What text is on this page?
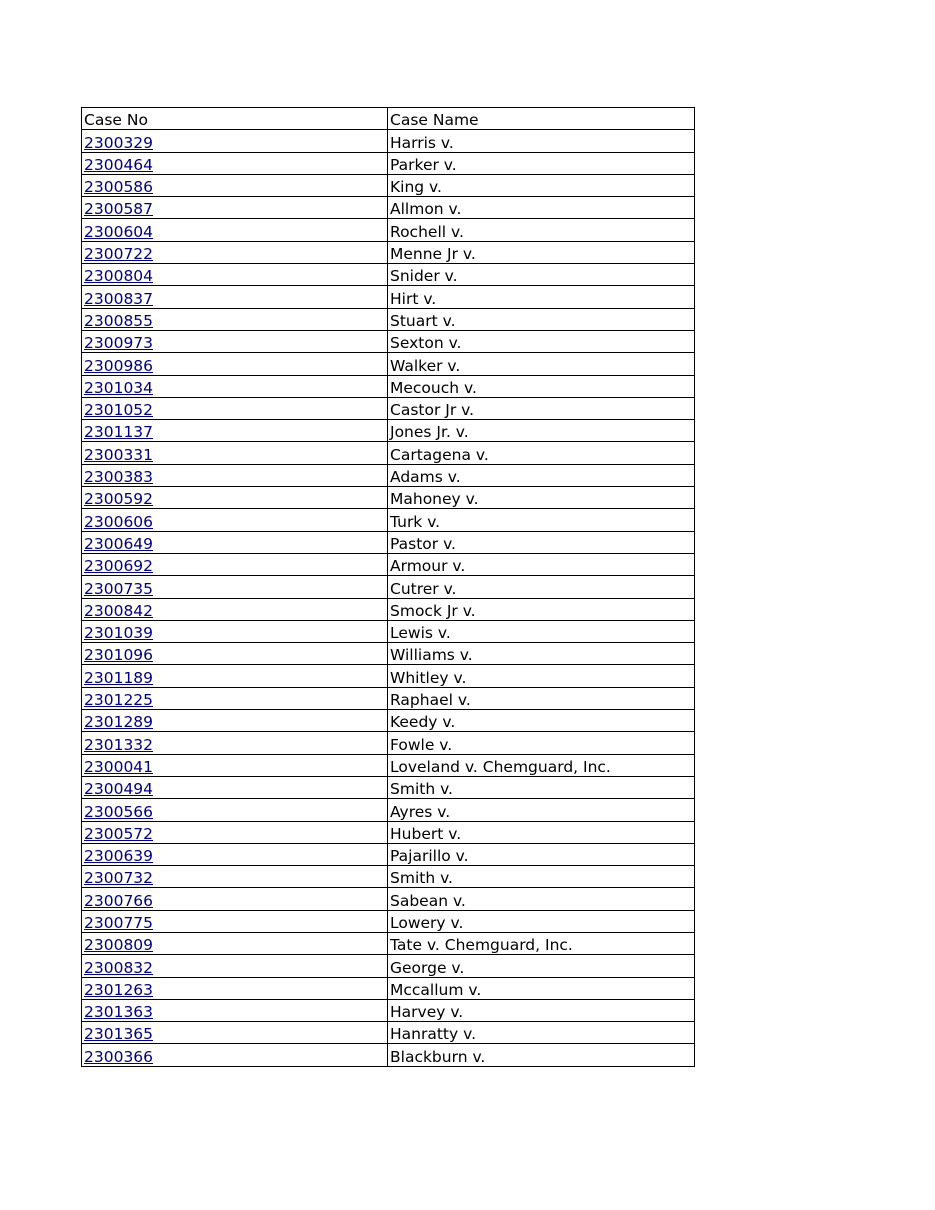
Case No	Case Name
2300329	Harris v.
2300464	Parker v.
2300586	King v.
2300587	Allmon v.
2300604	Rochell v.
2300722	Menne Jr v.
2300804	Snider v.
2300837	Hirt v.
2300855	Stuart v.
2300973	Sexton v.
2300986	Walker v.
2301034	Mecouch v.
2301052	Castor Jr v.
2301137	Jones Jr. v.
2300331	Cartagena v.
2300383	Adams v.
2300592	Mahoney v.
2300606	Turk v.
2300649	Pastor v.
2300692	Armour v.
2300735	Cutrer v.
2300842	Smock Jr v.
2301039	Lewis v.
2301096	Williams v.
2301189	Whitley v.
2301225	Raphael v.
2301289	Keedy v.
2301332	Fowle v.
2300041	Loveland v. Chemguard, Inc.
2300494	Smith v.
2300566	Ayres v.
2300572	Hubert v.
2300639	Pajarillo v.
2300732	Smith v.
2300766	Sabean v.
2300775	Lowery v.
2300809	Tate v. Chemguard, Inc.
2300832	George v.
2301263	Mccallum v.
2301363	Harvey v.
2301365	Hanratty v.
2300366	Blackburn v.
